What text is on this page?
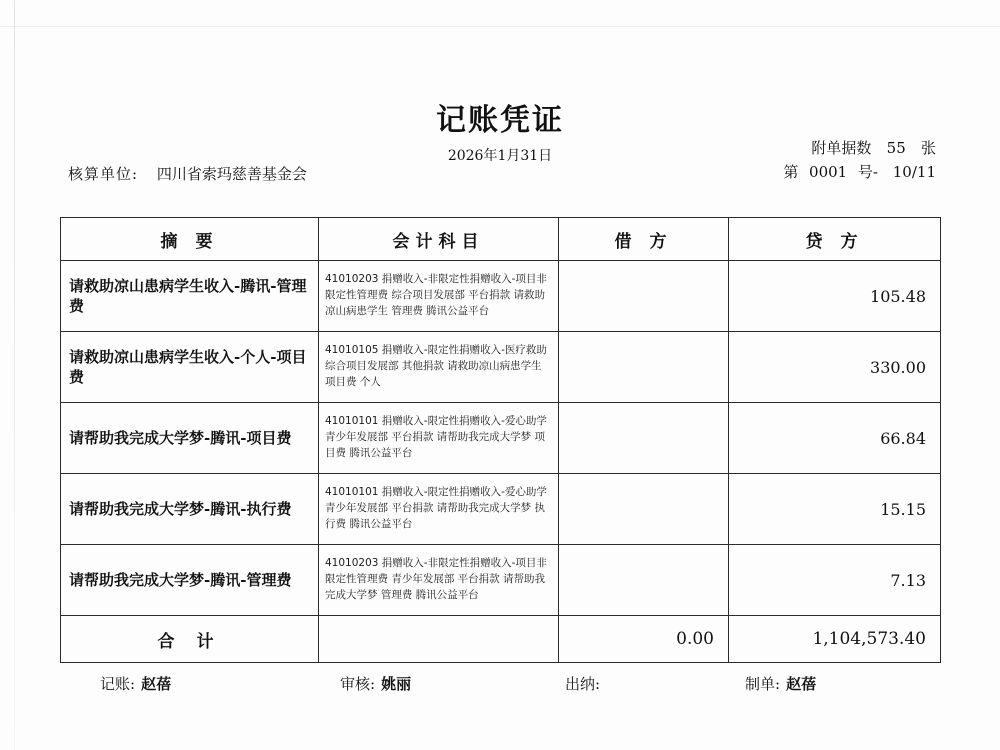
记账凭证
2026年1月31日
核算单位: 四川省索玛慈善基金会
附单据数 55 张
第 0001 号- 10/11
摘 要	会计科目	借 方	贷 方
请救助凉山患病学生收入-腾讯-管理费	41010203 捐赠收入-非限定性捐赠收入-项目非限定性管理费 综合项目发展部 平台捐款 请救助凉山病患学生 管理费 腾讯公益平台		105.48
请救助凉山患病学生收入-个人-项目费	41010105 捐赠收入-限定性捐赠收入-医疗救助 综合项目发展部 其他捐款 请救助凉山病患学生 项目费 个人		330.00
请帮助我完成大学梦-腾讯-项目费	41010101 捐赠收入-限定性捐赠收入-爱心助学 青少年发展部 平台捐款 请帮助我完成大学梦 项目费 腾讯公益平台		66.84
请帮助我完成大学梦-腾讯-执行费	41010101 捐赠收入-限定性捐赠收入-爱心助学 青少年发展部 平台捐款 请帮助我完成大学梦 执行费 腾讯公益平台		15.15
请帮助我完成大学梦-腾讯-管理费	41010203 捐赠收入-非限定性捐赠收入-项目非限定性管理费 青少年发展部 平台捐款 请帮助我完成大学梦 管理费 腾讯公益平台		7.13
合 计		0.00	1,104,573.40
记账: 赵蓓	审核: 姚丽	出纳:	制单: 赵蓓
